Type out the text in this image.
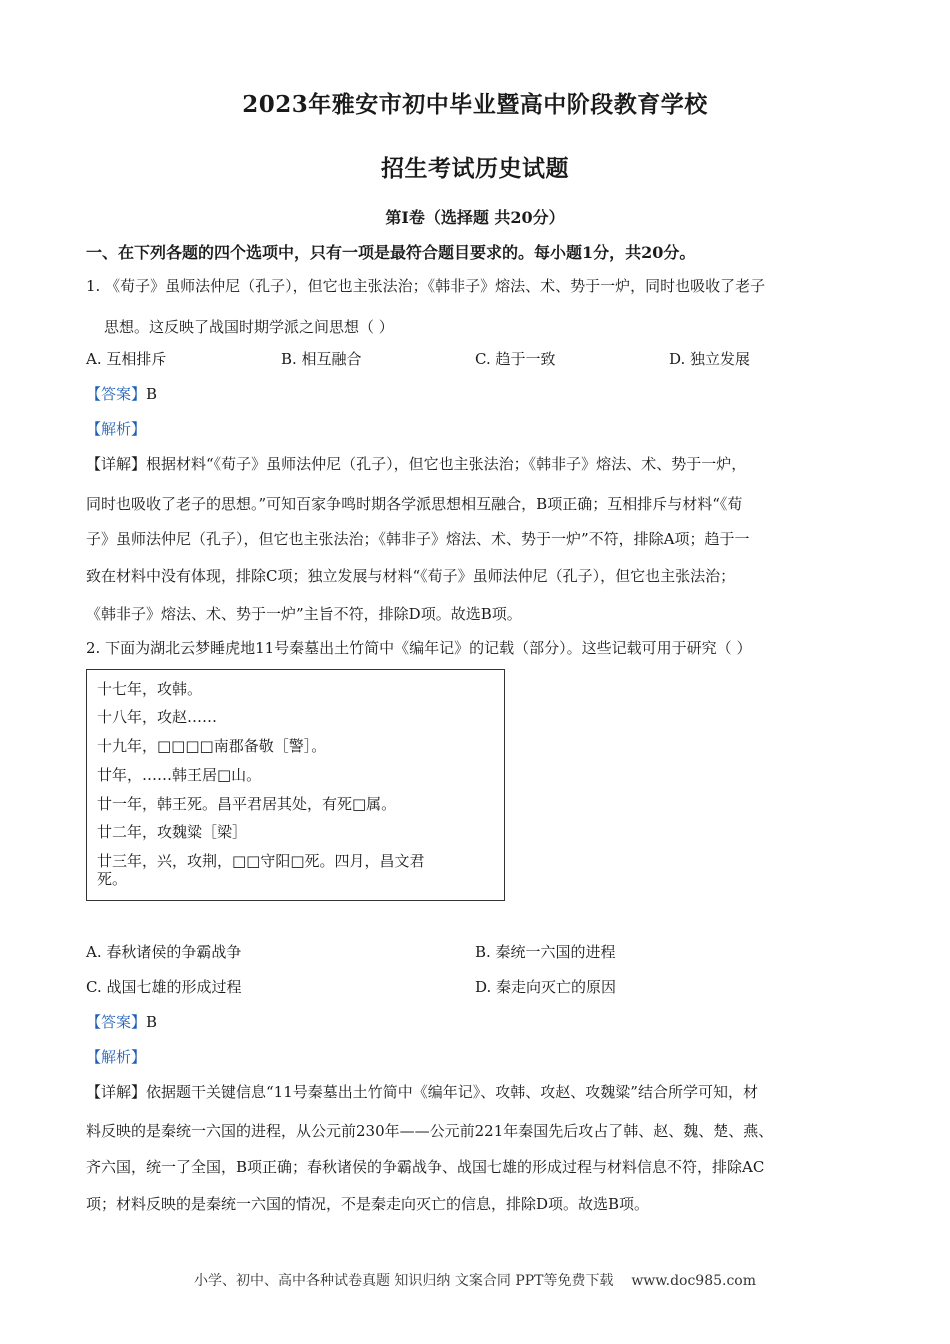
2023年雅安市初中毕业暨高中阶段教育学校
招生考试历史试题
第Ⅰ卷（选择题 共20分）
一、在下列各题的四个选项中，只有一项是最符合题目要求的。每小题1分，共20分。
1. 《荀子》虽师法仲尼（孔子），但它也主张法治；《韩非子》熔法、术、势于一炉，同时也吸收了老子
思想。这反映了战国时期学派之间思想（ ）
A. 互相排斥	B. 相互融合	C. 趋于一致	D. 独立发展
【答案】B
【解析】
【详解】根据材料“《荀子》虽师法仲尼（孔子），但它也主张法治；《韩非子》熔法、术、势于一炉，
同时也吸收了老子的思想。”可知百家争鸣时期各学派思想相互融合，B项正确；互相排斥与材料“《荀
子》虽师法仲尼（孔子），但它也主张法治；《韩非子》熔法、术、势于一炉”不符，排除A项；趋于一
致在材料中没有体现，排除C项；独立发展与材料“《荀子》虽师法仲尼（孔子），但它也主张法治；
《韩非子》熔法、术、势于一炉”主旨不符，排除D项。故选B项。
2. 下面为湖北云梦睡虎地11号秦墓出土竹简中《编年记》的记载（部分）。这些记载可用于研究（ ）
十七年，攻韩。
十八年，攻赵……
十九年，□□□□南郡备敬［警］。
廿年，……韩王居□山。
廿一年，韩王死。昌平君居其处，有死□属。
廿二年，攻魏粱［梁］
廿三年，兴，攻荆，□□守阳□死。四月，昌文君
死。
A. 春秋诸侯的争霸战争	B. 秦统一六国的进程
C. 战国七雄的形成过程	D. 秦走向灭亡的原因
【答案】B
【解析】
【详解】依据题干关键信息“11号秦墓出土竹简中《编年记》、攻韩、攻赵、攻魏粱”结合所学可知，材
料反映的是秦统一六国的进程，从公元前230年——公元前221年秦国先后攻占了韩、赵、魏、楚、燕、
齐六国，统一了全国，B项正确；春秋诸侯的争霸战争、战国七雄的形成过程与材料信息不符，排除AC
项；材料反映的是秦统一六国的情况，不是秦走向灭亡的信息，排除D项。故选B项。
小学、初中、高中各种试卷真题 知识归纳 文案合同 PPT等免费下载 www.doc985.com
